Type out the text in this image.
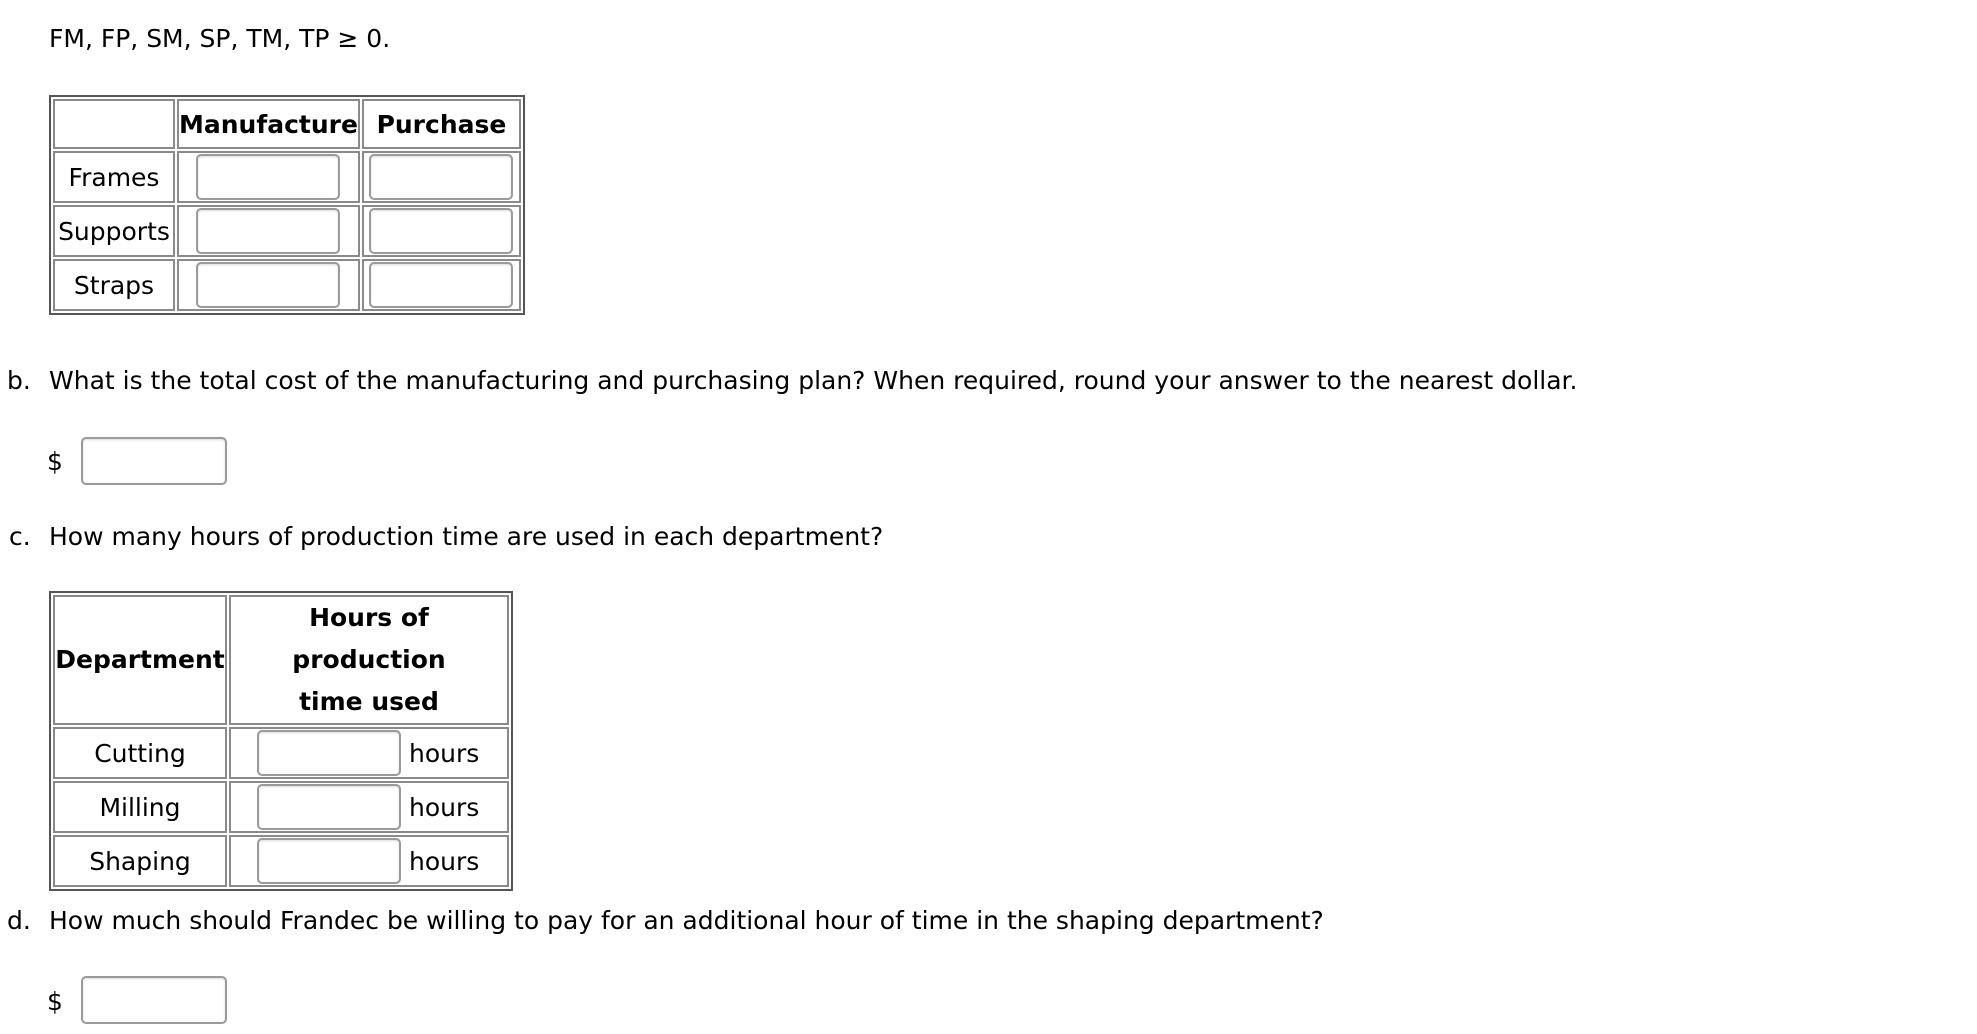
FM, FP, SM, SP, TM, TP ≥ 0.
	Manufacture	Purchase
Frames	

Supports	

Straps	

b. What is the total cost of the manufacturing and purchasing plan? When required, round your answer to the nearest dollar.
$
c. How many hours of production time are used in each department?
Department	Hours of production
time used
Cutting	hours

Milling	hours

Shaping	hours
d. How much should Frandec be willing to pay for an additional hour of time in the shaping department?
$
